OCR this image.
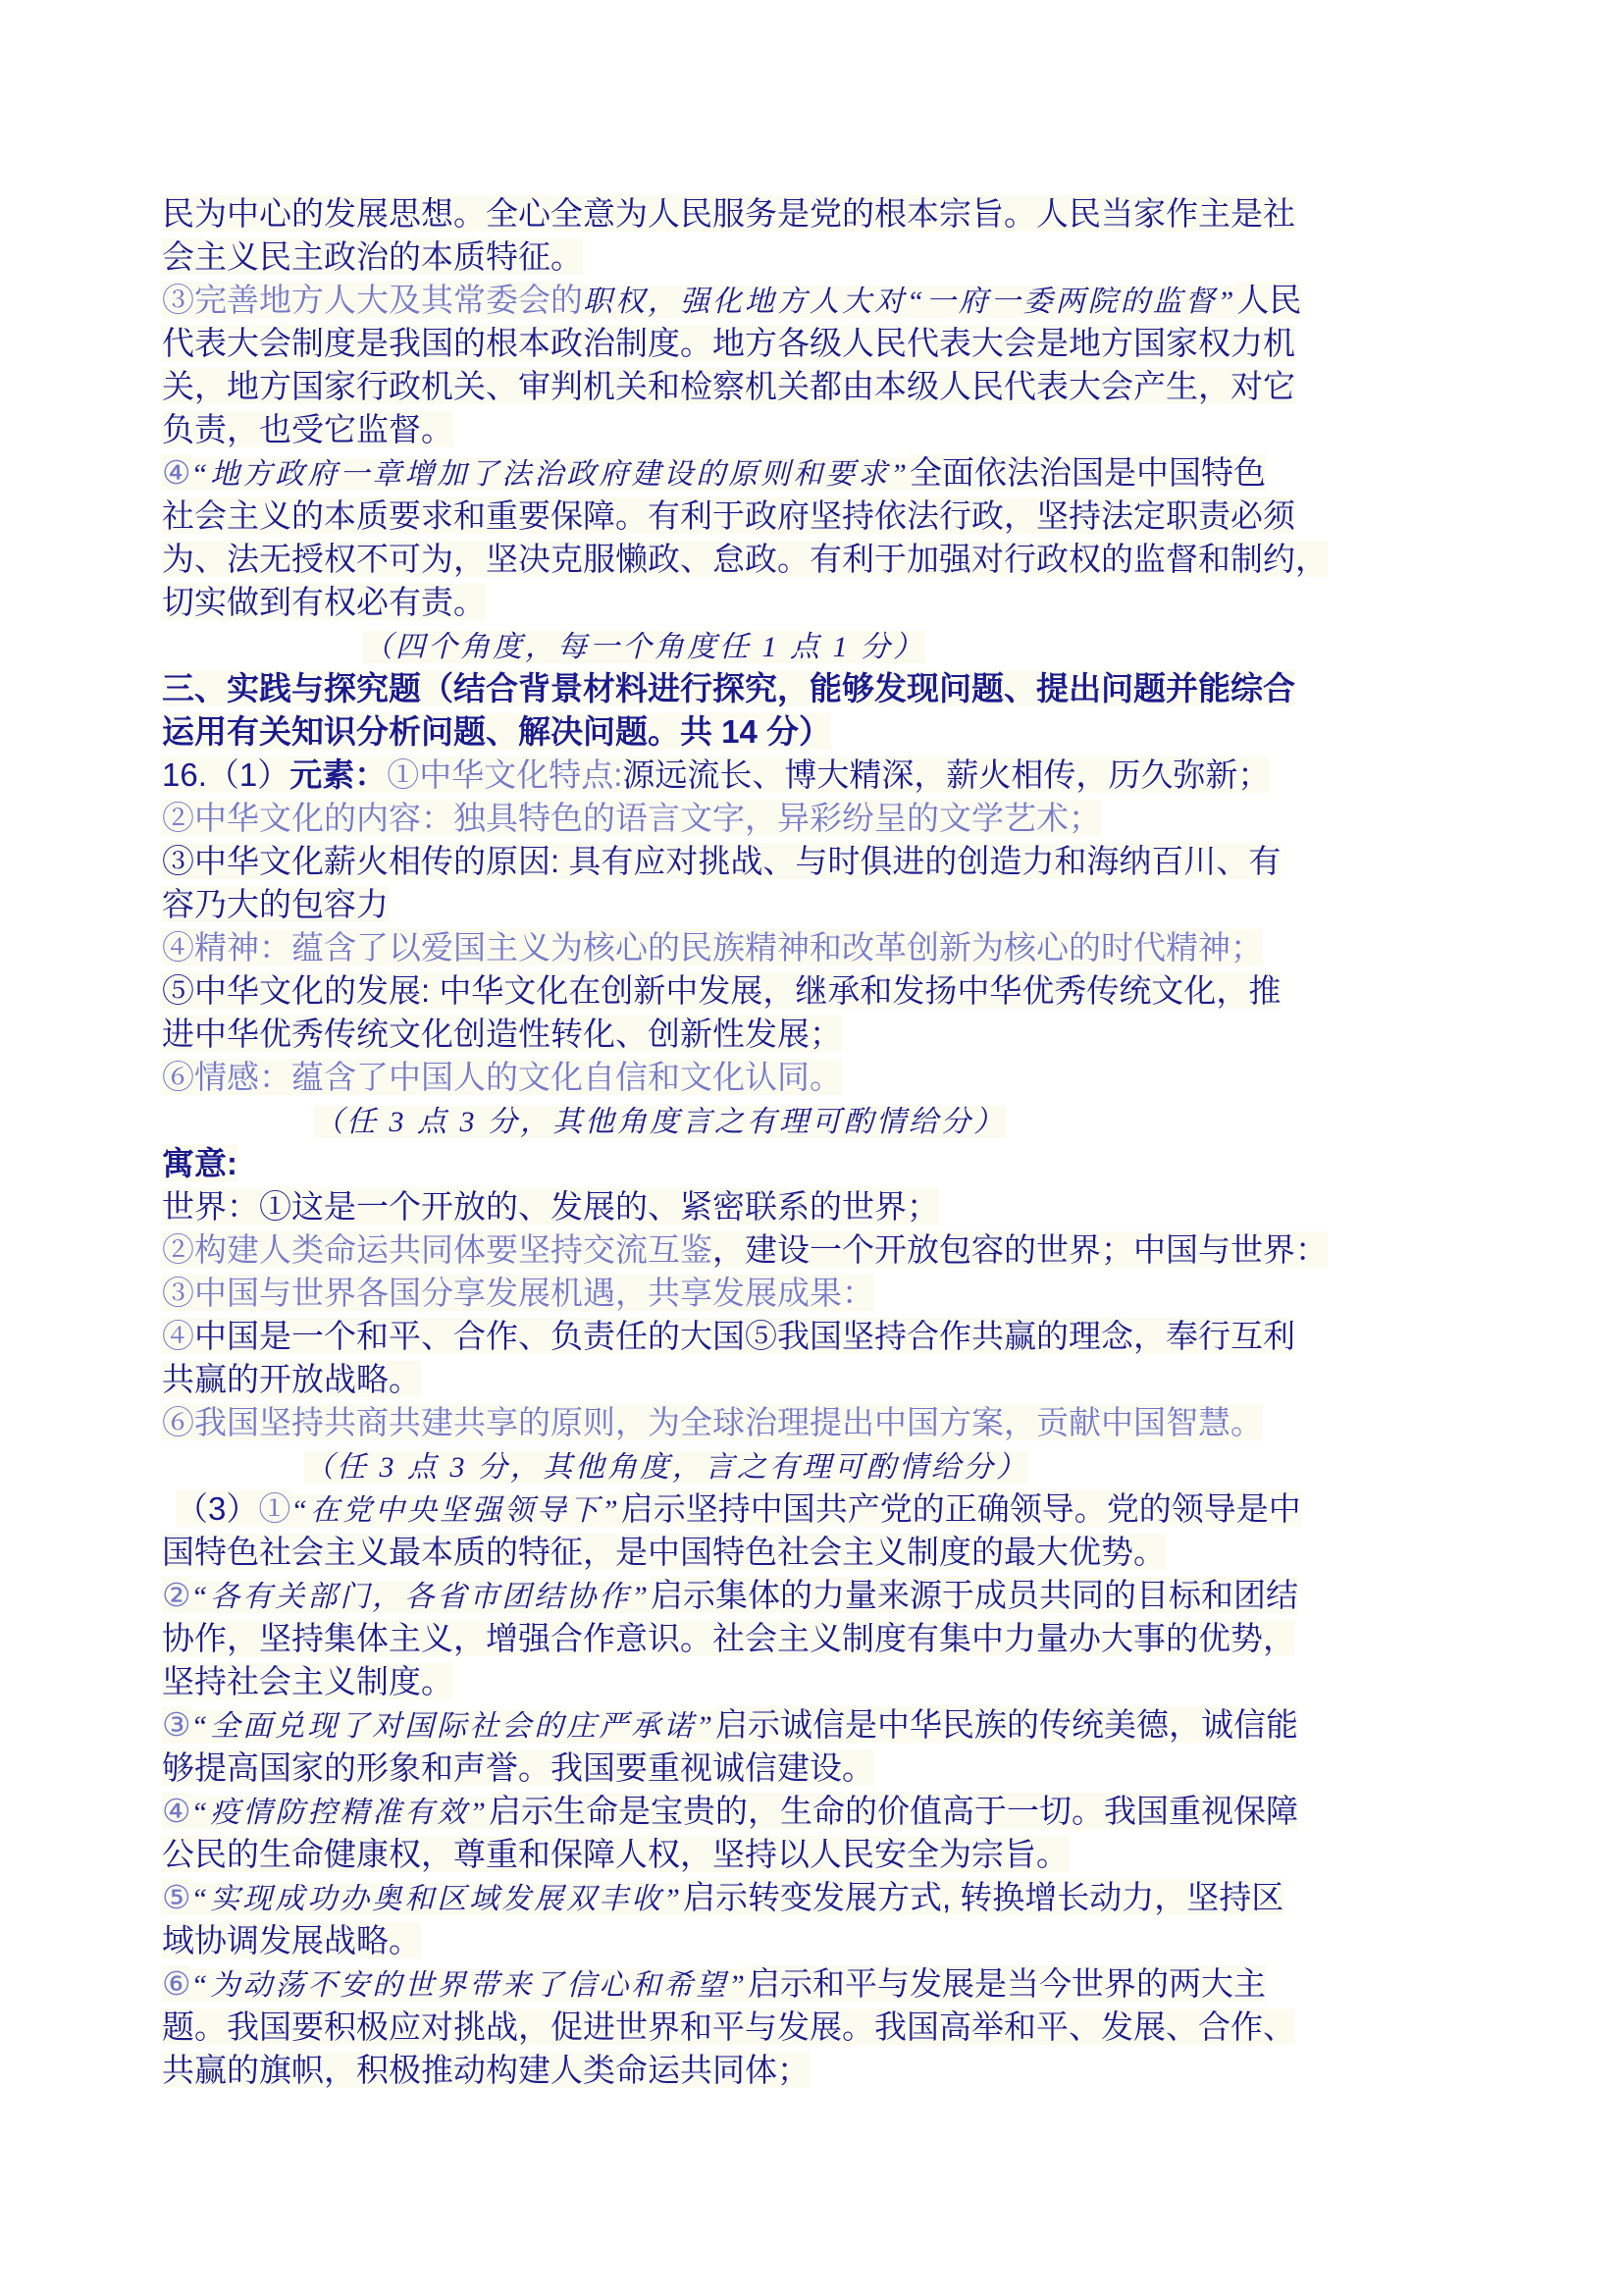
民为中心的发展思想。全心全意为人民服务是党的根本宗旨。人民当家作主是社
会主义民主政治的本质特征。
③完善地方人大及其常委会的职权，强化地方人大对“一府一委两院的监督”人民
代表大会制度是我国的根本政治制度。地方各级人民代表大会是地方国家权力机
关，地方国家行政机关、审判机关和检察机关都由本级人民代表大会产生，对它
负责，也受它监督。
④“地方政府一章增加了法治政府建设的原则和要求”全面依法治国是中国特色
社会主义的本质要求和重要保障。有利于政府坚持依法行政，坚持法定职责必须
为、法无授权不可为，坚决克服懒政、怠政。有利于加强对行政权的监督和制约，
切实做到有权必有责。
（四个角度，每一个角度任 1 点 1 分）
三、实践与探究题（结合背景材料进行探究，能够发现问题、提出问题并能综合
运用有关知识分析问题、解决问题。共 14 分）
16.（1）元素：①中华文化特点:源远流长、博大精深，薪火相传，历久弥新；
②中华文化的内容：独具特色的语言文字，异彩纷呈的文学艺术；
③中华文化薪火相传的原因: 具有应对挑战、与时俱进的创造力和海纳百川、有
容乃大的包容力
④精神：蕴含了以爱国主义为核心的民族精神和改革创新为核心的时代精神；
⑤中华文化的发展: 中华文化在创新中发展，继承和发扬中华优秀传统文化，推
进中华优秀传统文化创造性转化、创新性发展；
⑥情感：蕴含了中国人的文化自信和文化认同。
（任 3 点 3 分，其他角度言之有理可酌情给分）
寓意:
世界：①这是一个开放的、发展的、紧密联系的世界；
②构建人类命运共同体要坚持交流互鉴，建设一个开放包容的世界；中国与世界：
③中国与世界各国分享发展机遇，共享发展成果：
④中国是一个和平、合作、负责任的大国⑤我国坚持合作共赢的理念，奉行互利
共赢的开放战略。
⑥我国坚持共商共建共享的原则，为全球治理提出中国方案，贡献中国智慧。
（任 3 点 3 分，其他角度，言之有理可酌情给分）
（3）①“在党中央坚强领导下”启示坚持中国共产党的正确领导。党的领导是中
国特色社会主义最本质的特征，是中国特色社会主义制度的最大优势。
②“各有关部门，各省市团结协作”启示集体的力量来源于成员共同的目标和团结
协作，坚持集体主义，增强合作意识。社会主义制度有集中力量办大事的优势，
坚持社会主义制度。
③“全面兑现了对国际社会的庄严承诺”启示诚信是中华民族的传统美德，诚信能
够提高国家的形象和声誉。我国要重视诚信建设。
④“疫情防控精准有效”启示生命是宝贵的，生命的价值高于一切。我国重视保障
公民的生命健康权，尊重和保障人权，坚持以人民安全为宗旨。
⑤“实现成功办奥和区域发展双丰收”启示转变发展方式, 转换增长动力，坚持区
域协调发展战略。
⑥“为动荡不安的世界带来了信心和希望”启示和平与发展是当今世界的两大主
题。我国要积极应对挑战，促进世界和平与发展。我国高举和平、发展、合作、
共赢的旗帜，积极推动构建人类命运共同体；
